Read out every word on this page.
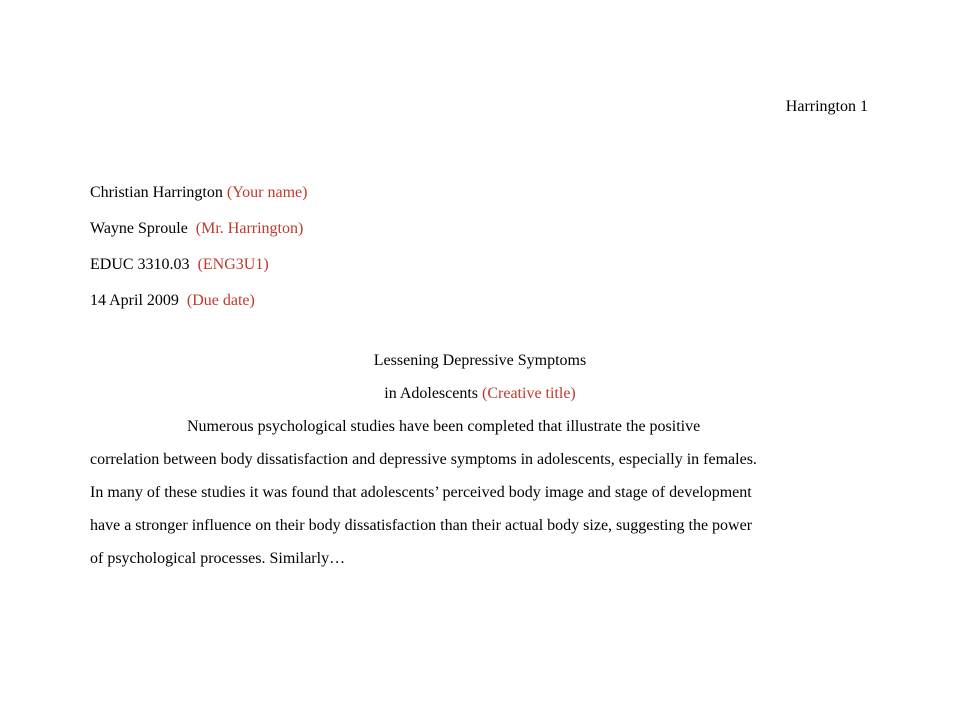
Harrington 1
Christian Harrington (Your name)
Wayne Sproule (Mr. Harrington)
EDUC 3310.03 (ENG3U1)
14 April 2009 (Due date)
Lessening Depressive Symptoms
in Adolescents (Creative title)
Numerous psychological studies have been completed that illustrate the positive
correlation between body dissatisfaction and depressive symptoms in adolescents, especially in females.
In many of these studies it was found that adolescents’ perceived body image and stage of development
have a stronger influence on their body dissatisfaction than their actual body size, suggesting the power
of psychological processes. Similarly…
